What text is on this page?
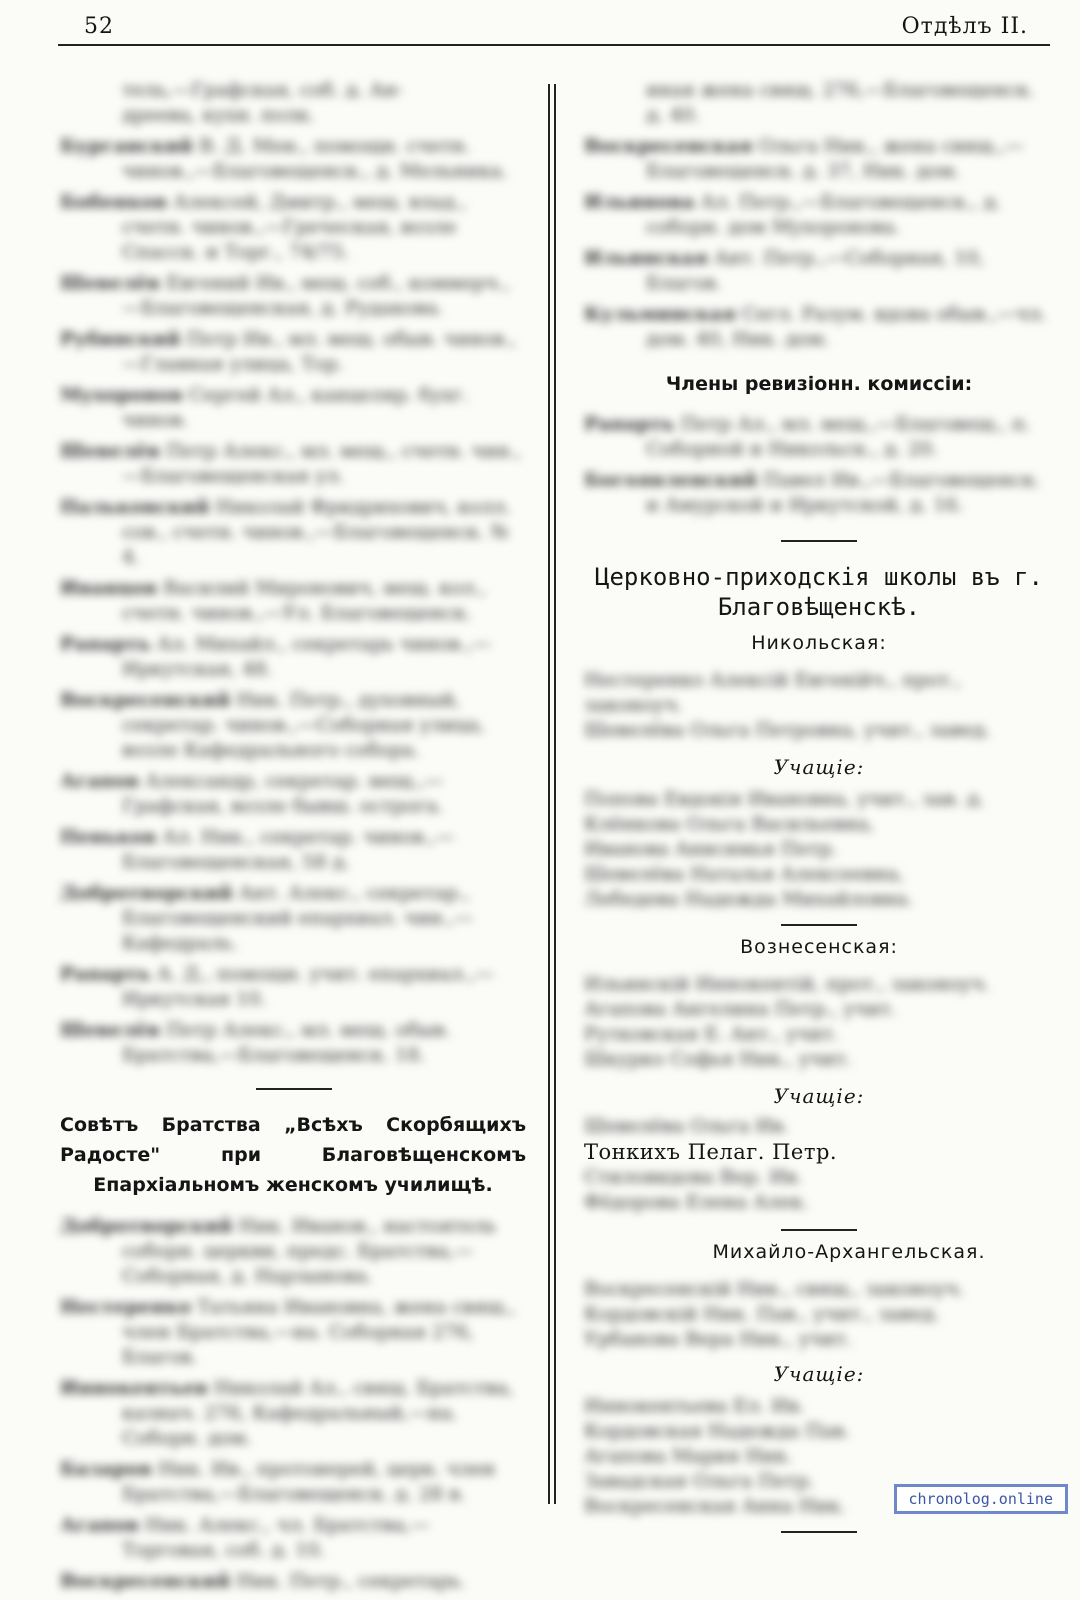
52	Отдѣлъ II.
тель,—Графская, соб. д. Ан-
дреева, кухн. полк.
Бурганский В. Д. Мен., помощн. счетн. чинов.,—Благовещенск., д. Мельника.
Бобенков Алексей, Дмитр., мещ. влад., счетн. чинов.,—Греческая, возле Спасск. и Торг., 74/75.
Шевелёв Евгений Ив., мещ. соб., коммерч.,—Благовещенская, д. Рудакова.
Рубинский Петр Ив., мл. мещ. обыв. чинов.,—Главная улица, Тор.
Мухоронов Сергей Ал., канцеляр. бухг. чинов.
Шевелёв Петр Алекс., мл. мещ., счетн. чин.,—Благовещенская ул.
Пальковский Николай Фридрихович, колл. сов., счетн. чинов.,—Благовещенск. № 4.
Иванцов Василий Миронович, мещ. кол., счетн. чинов.,—Ул. Благовещенск.
Рапарть Ал. Михайл., секретарь чинов.,—Иркутская, 48.
Воскресенский Ник. Петр., духовный, секретар. чинов.,—Соборная улица, возле Кафедрального собора.
Агапов Александр, секретар. мещ.,—Графская, возле бывш. острога.
Пеньков Ал. Ник., секретар. чинов.,—Благовещенская, 58 д.
Добротворский Ант. Алекс., секретар., Благовещенский епархиал. чин.,—Кафедраль.
Рапарть А. Д., помощн. учит. епархиал.,—Иркутская 10.
Шевелёв Петр Алекс., мл. мещ. обыв. Братства,—Благовещенск. 18.
Совѣтъ Братства „Всѣхъ Скорбящихъ Радосте" при Благовѣщенскомъ Епархіальномъ женскомъ училищѣ.
Добротворский Ник. Иванов., настоятель соборн. церкви, предс. Братства,—Соборная, д. Нарзынова.
Нестеренко Татьяна Ивановна, жена свящ., член Братства,—на. Соборная 276, Благов.
Иннокентьев Николай Ал., свящ. Братства, казнач. 276, Кафедральный,—на. Соборн. дом.
Базаров Ник. Ив., протоиерей, церк. член Братства,—Благовещенск. д. 28 в.
Агапов Ник. Алекс., чл. Братства,—Торговая, соб. д. 10.
Воскресенский Ник. Петр., секретарь.
иная жена свящ. 276,—Благовещенск. д. 40.
Воскресенская Ольга Ник., жена свящ.,—Благовещенск. д. 37, Ник. дом.
Ильинова Ал. Петр.,—Благовещенск., д. соборн. дом Мухоронова.
Ильинская Ант. Петр.,—Соборная, 10, Благов.
Кульминская Сегл. Разум. вдова обыв.,—чл. дом. 40, Ник. дом.
Члены ревизіонн. комиссіи:
Рапарть Петр Ал., мл. мещ.,—Благовещ., п. Соборной и Никольск., д. 20.
Богоявленский Павел Ив.,—Благовещенск. и Амурской и Иркутской, д. 16.
Церковно-приходскія школы въ г. Благовѣщенскѣ.
Никольская:
Нестеренко Алексій Евгенійч., прот., законоуч.
Шевелёва Ольга Петровна, учит., завед.
Учащіе:
Попова Евдокія Ивановна, учит., зав. д.
Клёнкова Ольга Васильевна,
Иванова Анисимья Петр.
Шевелёва Наталья Алексеевна,
Лебедева Надежда Михайловна.
Вознесенская:
Ильинскій Иннокентій, прот., законоуч.
Агапова Ангелина Петр., учит.
Рутковская Е. Ант., учит.
Шкурко Софья Ник., учит.
Учащіе:
Шевелёва Ольга Ив.
Тонкихъ Пелаг. Петр.
Стиловидова Вер. Ив.
Фёдорова Елена Алек.
Михайло-Архангельская.
Воскресенскій Ник., свящ., законоуч.
Кордовскій Ник. Пав., учит., завед.
Урбанова Вера Ник., учит.
Учащіе:
Иннокентьева Ел. Ив.
Кордовская Надежда Пав.
Агапова Мария Ник.
Завадская Ольга Петр.
Воскресенская Анна Ник.	chronolog.online
